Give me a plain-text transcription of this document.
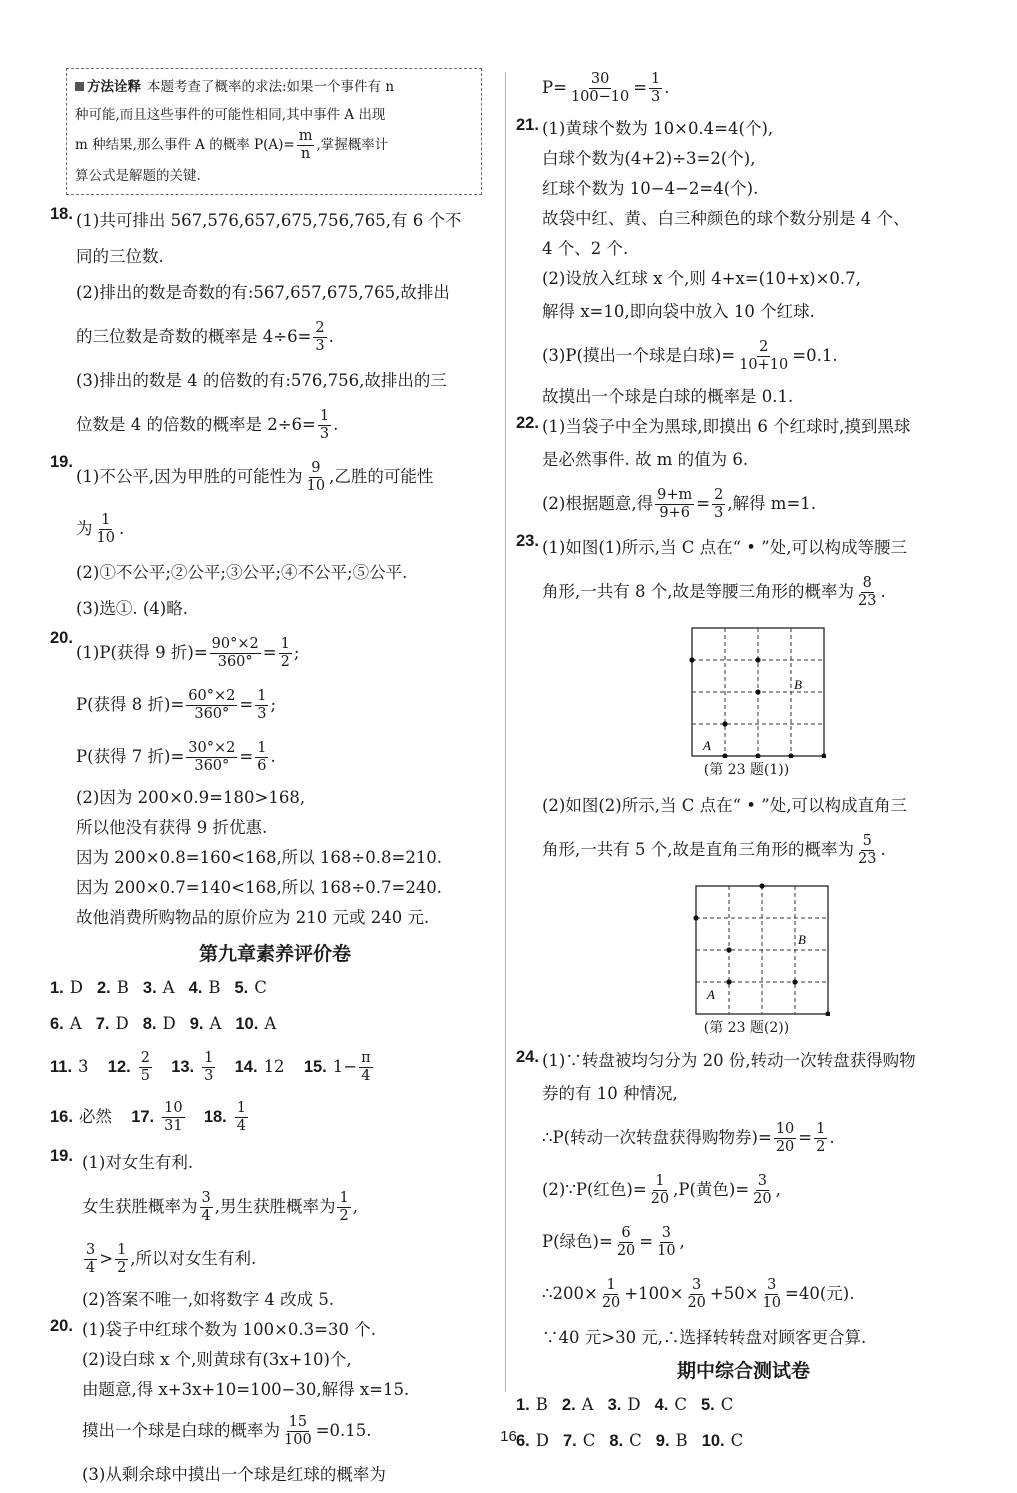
方法诠释 本题考查了概率的求法:如果一个事件有 n
种可能,而且这些事件的可能性相同,其中事件 A 出现
m 种结果,那么事件 A 的概率 $P(A)= \frac{m}{n}$ ,掌握概率计
算公式是解题的关键.
18. (1)共可排出 567,576,657,675,756,765,有 6 个不

同的三位数.

(2)排出的数是奇数的有:567,657,675,765,故排出

的三位数是奇数的概率是 $4\div 6= \frac{2}{3}$ .

(3)排出的数是 4 的倍数的有:576,756,故排出的三

位数是 4 的倍数的概率是 $2\div 6= \frac{1}{3}$ .

19.

(1)不公平,因为甲胜的可能性为 $\frac{9}{10}$ ,乙胜的可能性

为 $\frac{1}{10}$ .

(2)①不公平;②公平;③公平;④不公平;⑤公平.

(3)选①. (4)略.

20.

(1)P(获得 9 折)= $\frac{90^\circ\times 2}{360^\circ} = \frac{1}{2}$ ;

P(获得 8 折)= $\frac{60^\circ\times 2}{360^\circ} = \frac{1}{3}$ ;

P(获得 7 折)= $\frac{30^\circ\times 2}{360^\circ} = \frac{1}{6}$ .

(2)因为 200×0.9=180>168,

所以他没有获得 9 折优惠.

因为 200×0.8=160<168,所以 168÷0.8=210.

因为 200×0.7=140<168,所以 168÷0.7=240.

故他消费所购物品的原价应为 210 元或 240 元.

第九章素养评价卷
1. D 2. B 3. A 4. B 5. C
6. A 7. D 8. D 9. A 10. A
11. 3 12. $\frac{2}{5} 13$. $\frac{1}{3} 14$. 12 15. $1- \frac{\pi}{4}$
16. 必然 17. $\frac{10}{31} 18$. $\frac{1}{4}$
19. (1)对女生有利.

女生获胜概率为 $\frac{3}{4}$ ,男生获胜概率为 $\frac{1}{2}$ ,

$\frac{3}{4} > \frac{1}{2}$ ,所以对女生有利.

(2)答案不唯一,如将数字 4 改成 5.

20. (1)袋子中红球个数为 100×0.3=30 个.

(2)设白球 x 个,则黄球有(3x+10)个,

由题意,得 x+3x+10=100−30,解得 x=15.

摸出一个球是白球的概率为 $\frac{15}{100} =0.15$.

(3)从剩余球中摸出一个球是红球的概率为

$P= \frac{30}{100-10} = \frac{1}{3}$ .

21. (1)黄球个数为 10×0.4=4(个),

白球个数为(4+2)÷3=2(个),

红球个数为 10−4−2=4(个).

故袋中红、黄、白三种颜色的球个数分别是 4 个、

4 个、2 个.

(2)设放入红球 x 个,则 4+x=(10+x)×0.7,

解得 x=10,即向袋中放入 10 个红球.

(3)P(摸出一个球是白球)= $\frac{2}{10+10} =0.1$.

故摸出一个球是白球的概率是 0.1.

22. (1)当袋子中全为黑球,即摸出 6 个红球时,摸到黑球

是必然事件. 故 m 的值为 6.

(2)根据题意,得 $\frac{9+m}{9+6} = \frac{2}{3}$ ,解得 m=1.

23. (1)如图(1)所示,当 C 点在“ • ”处,可以构成等腰三

角形,一共有 8 个,故是等腰三角形的概率为 $\frac{8}{23}$ .

A
B
(第 23 题(1))

(2)如图(2)所示,当 C 点在“ • ”处,可以构成直角三

角形,一共有 5 个,故是直角三角形的概率为 $\frac{5}{23}$ .

A
B
(第 23 题(2))
24. (1)∵转盘被均匀分为 20 份,转动一次转盘获得购物

券的有 10 种情况,

∴P(转动一次转盘获得购物券)= $\frac{10}{20} = \frac{1}{2}$ .

(2)∵P(红色)= $\frac{1}{20} ,P$(黄色)= $\frac{3}{20}$ ,

P(绿色)= $\frac{6}{20} = \frac{3}{10}$ ,

∴200× $\frac{1}{20} +100\times \frac{3}{20} +50\times \frac{3}{10} =40$(元).

∵40 元>30 元,∴选择转转盘对顾客更合算.

期中综合测试卷
1. B 2. A 3. D 4. C 5. C
6. D 7. C 8. C 9. B 10. C
16
